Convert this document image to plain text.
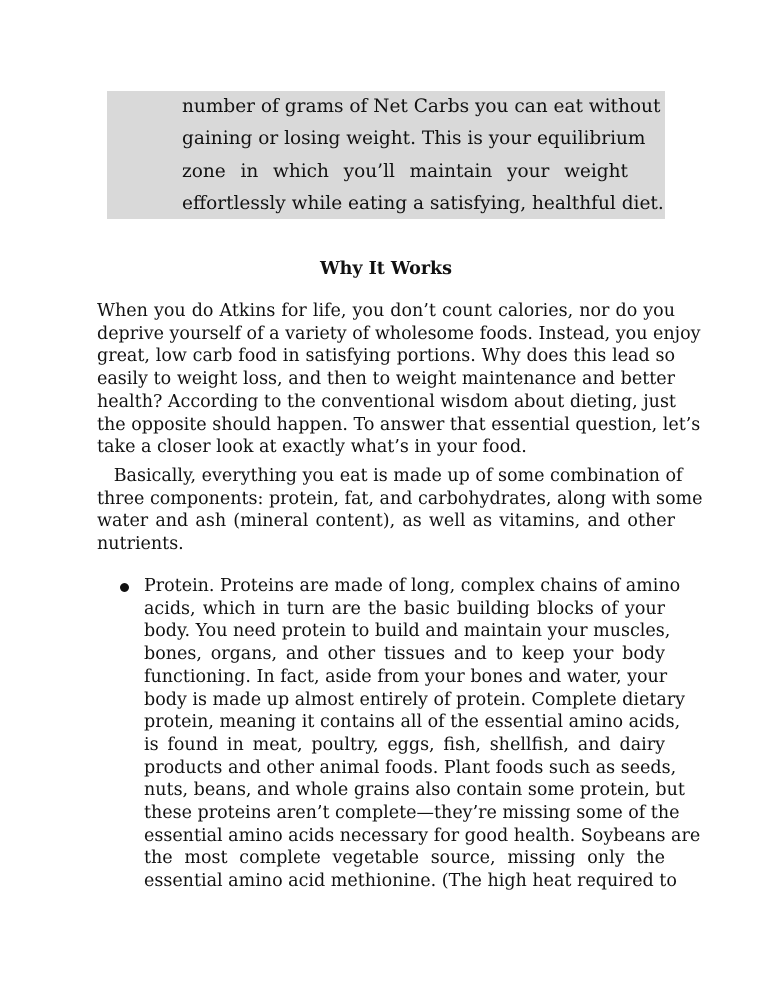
number of grams of Net Carbs you can eat without
gaining or losing weight. This is your equilibrium
zone in which you’ll maintain your weight
effortlessly while eating a satisfying, healthful diet.

Why It Works

When you do Atkins for life, you don’t count calories, nor do you
deprive yourself of a variety of wholesome foods. Instead, you enjoy
great, low carb food in satisfying portions. Why does this lead so
easily to weight loss, and then to weight maintenance and better
health? According to the conventional wisdom about dieting, just
the opposite should happen. To answer that essential question, let’s
take a closer look at exactly what’s in your food.

Basically, everything you eat is made up of some combination of
three components: protein, fat, and carbohydrates, along with some
water and ash (mineral content), as well as vitamins, and other
nutrients.

Protein. Proteins are made of long, complex chains of amino
acids, which in turn are the basic building blocks of your
body. You need protein to build and maintain your muscles,
bones, organs, and other tissues and to keep your body
functioning. In fact, aside from your bones and water, your
body is made up almost entirely of protein. Complete dietary
protein, meaning it contains all of the essential amino acids,
is found in meat, poultry, eggs, fish, shellfish, and dairy
products and other animal foods. Plant foods such as seeds,
nuts, beans, and whole grains also contain some protein, but
these proteins aren’t complete—they’re missing some of the
essential amino acids necessary for good health. Soybeans are
the most complete vegetable source, missing only the
essential amino acid methionine. (The high heat required to
